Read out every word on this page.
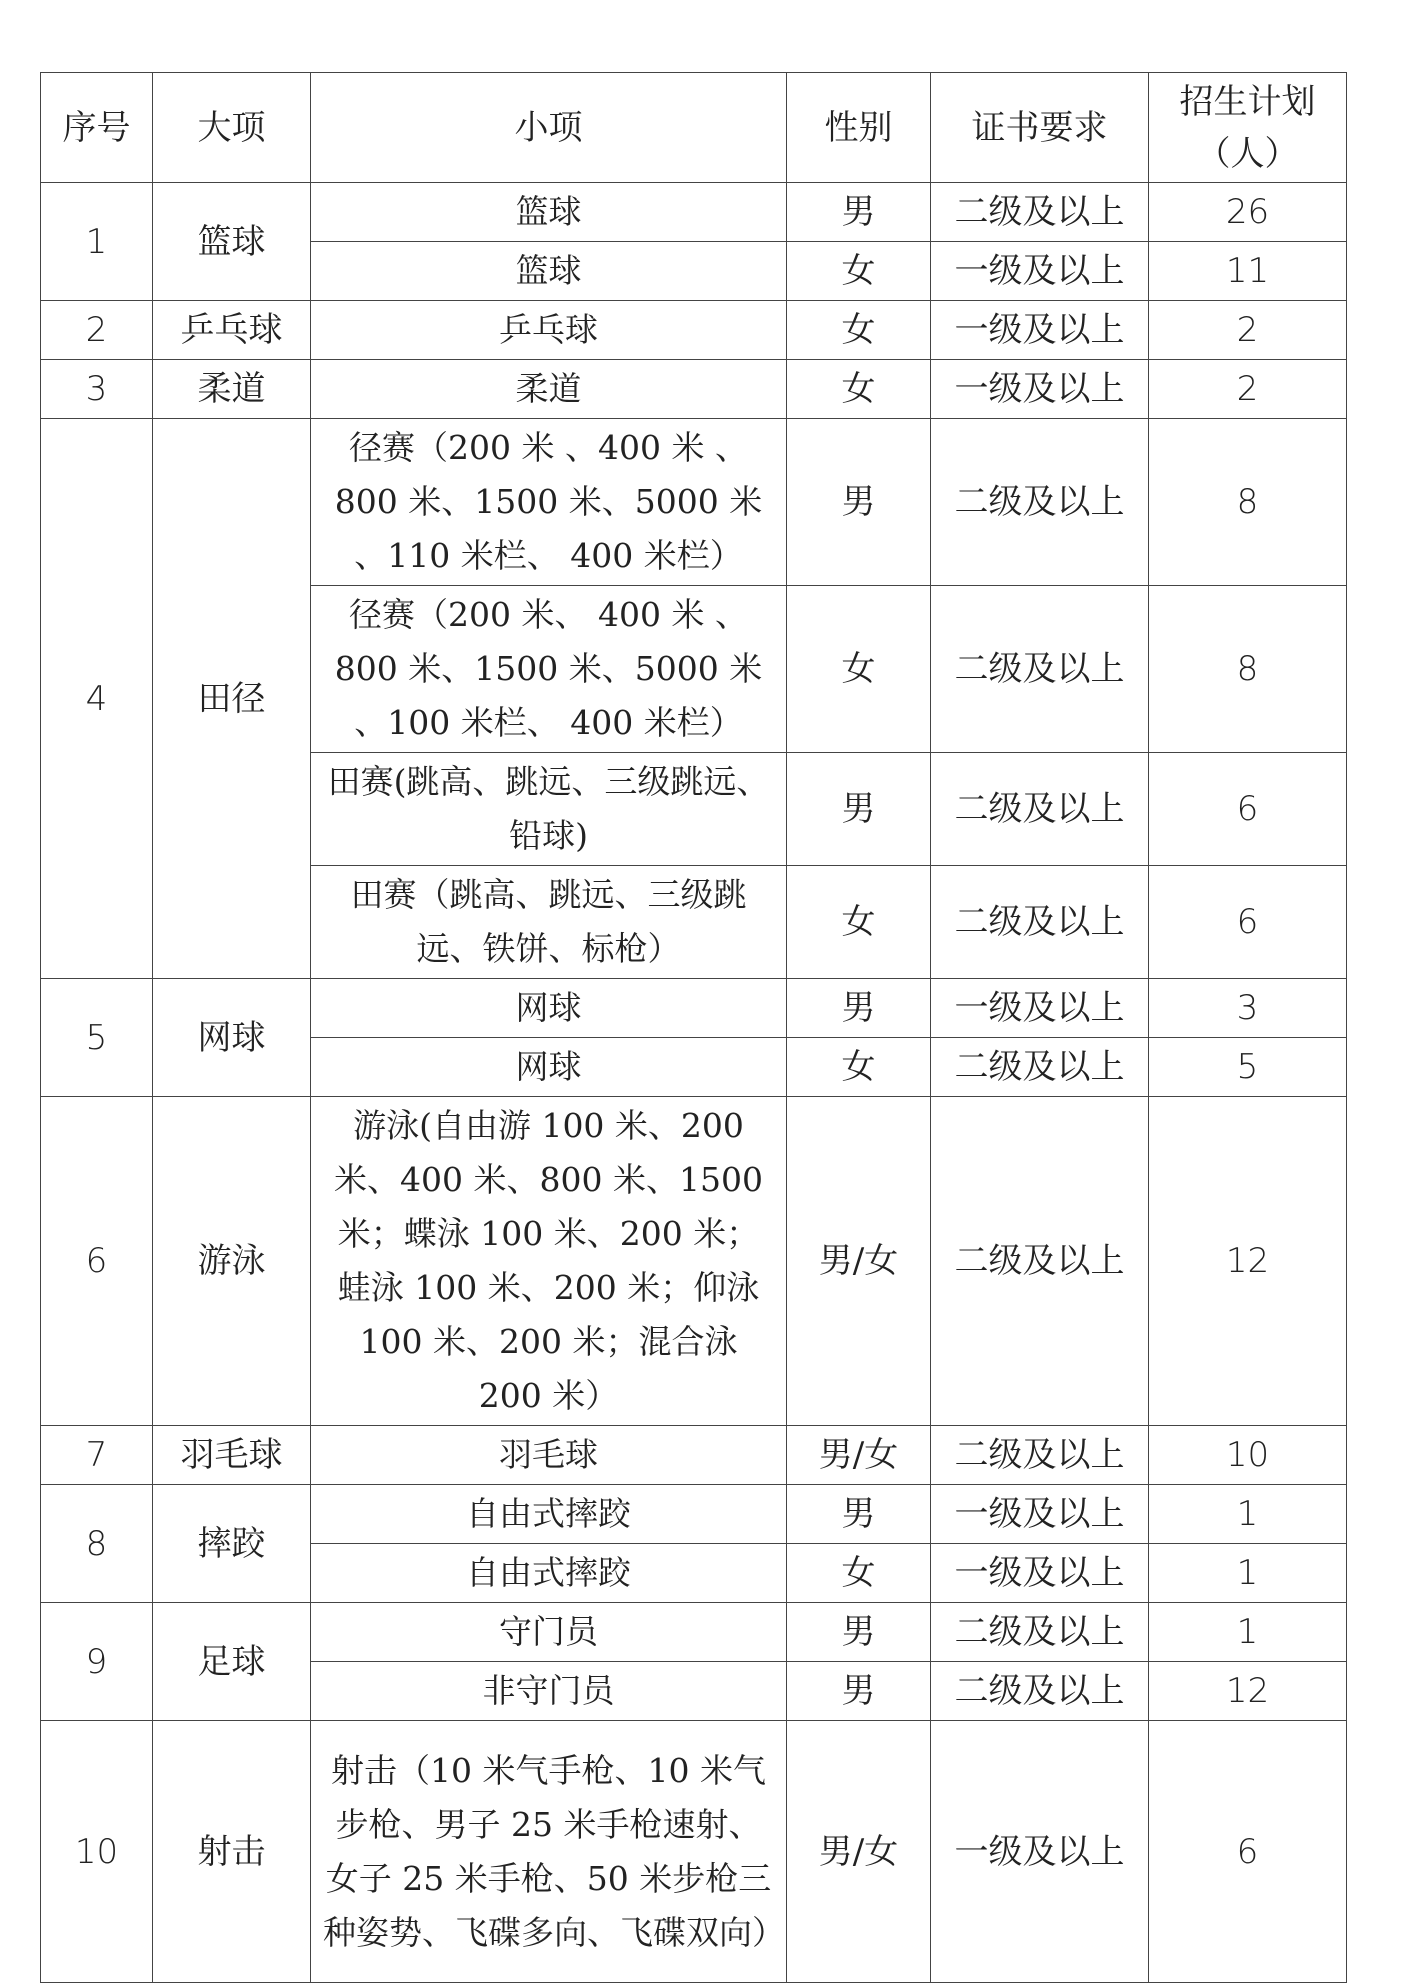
序号	大项	小项	性别	证书要求	招生计划（人）
1	篮球	篮球	男	二级及以上	26
		篮球	女	一级及以上	11
2	乒乓球	乒乓球	女	一级及以上	2
3	柔道	柔道	女	一级及以上	2
4	田径	径赛（200 米 、400 米 、800 米、1500 米、5000 米 、110 米栏、 400 米栏）	男	二级及以上	8
		径赛（200 米、 400 米 、800 米、1500 米、5000 米 、100 米栏、 400 米栏）	女	二级及以上	8
		田赛(跳高、跳远、三级跳远、铅球)	男	二级及以上	6
		田赛（跳高、跳远、三级跳远、铁饼、标枪）	女	二级及以上	6
5	网球	网球	男	一级及以上	3
		网球	女	二级及以上	5
6	游泳	游泳(自由游 100 米、200 米、400 米、800 米、1500 米；蝶泳 100 米、200 米；蛙泳 100 米、200 米；仰泳 100 米、200 米；混合泳 200 米）	男/女	二级及以上	12
7	羽毛球	羽毛球	男/女	二级及以上	10
8	摔跤	自由式摔跤	男	一级及以上	1
		自由式摔跤	女	一级及以上	1
9	足球	守门员	男	二级及以上	1
		非守门员	男	二级及以上	12
10	射击	射击（10 米气手枪、10 米气步枪、男子 25 米手枪速射、女子 25 米手枪、50 米步枪三种姿势、飞碟多向、飞碟双向）	男/女	一级及以上	6
